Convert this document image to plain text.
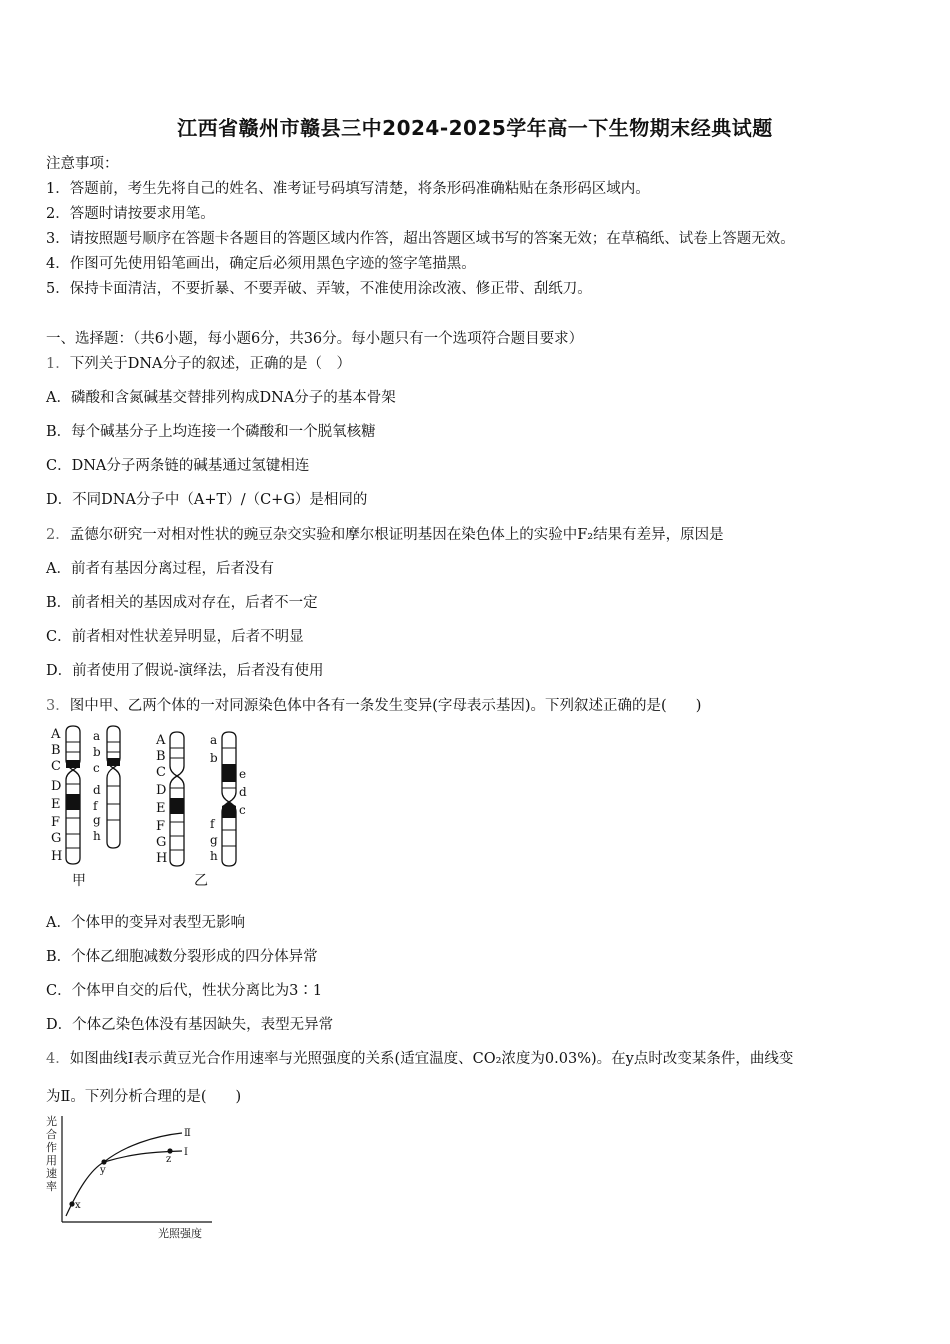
江西省赣州市赣县三中2024-2025学年高一下生物期末经典试题
注意事项：
1．答题前，考生先将自己的姓名、准考证号码填写清楚，将条形码准确粘贴在条形码区域内。
2．答题时请按要求用笔。
3．请按照题号顺序在答题卡各题目的答题区域内作答，超出答题区域书写的答案无效；在草稿纸、试卷上答题无效。
4．作图可先使用铅笔画出，确定后必须用黑色字迹的签字笔描黑。
5．保持卡面清洁，不要折暴、不要弄破、弄皱，不准使用涂改液、修正带、刮纸刀。
一、选择题：（共6小题，每小题6分，共36分。每小题只有一个选项符合题目要求）
1．下列关于DNA分子的叙述，正确的是（　）
A．磷酸和含氮碱基交替排列构成DNA分子的基本骨架
B．每个碱基分子上均连接一个磷酸和一个脱氧核糖
C．DNA分子两条链的碱基通过氢键相连
D．不同DNA分子中（A+T）/（C+G）是相同的
2．孟德尔研究一对相对性状的豌豆杂交实验和摩尔根证明基因在染色体上的实验中F₂结果有差异，原因是
A．前者有基因分离过程，后者没有
B．前者相关的基因成对存在，后者不一定
C．前者相对性状差异明显，后者不明显
D．前者使用了假说-演绎法，后者没有使用
3．图中甲、乙两个体的一对同源染色体中各有一条发生变异(字母表示基因)。下列叙述正确的是(　　)
A
B
C
D
E
F
G
H
a
b
c
d
f
g
h
甲
A
B
C
D
E
F
G
H
a
b
e
d
c
f
g
h
乙
A．个体甲的变异对表型无影响
B．个体乙细胞减数分裂形成的四分体异常
C．个体甲自交的后代，性状分离比为3∶1
D．个体乙染色体没有基因缺失，表型无异常
4．如图曲线Ⅰ表示黄豆光合作用速率与光照强度的关系(适宜温度、CO₂浓度为0.03%)。在y点时改变某条件，曲线变
为Ⅱ。下列分析合理的是(　　)
光
合
作
用
速
率
x
y
z
Ⅱ
Ⅰ
光照强度
